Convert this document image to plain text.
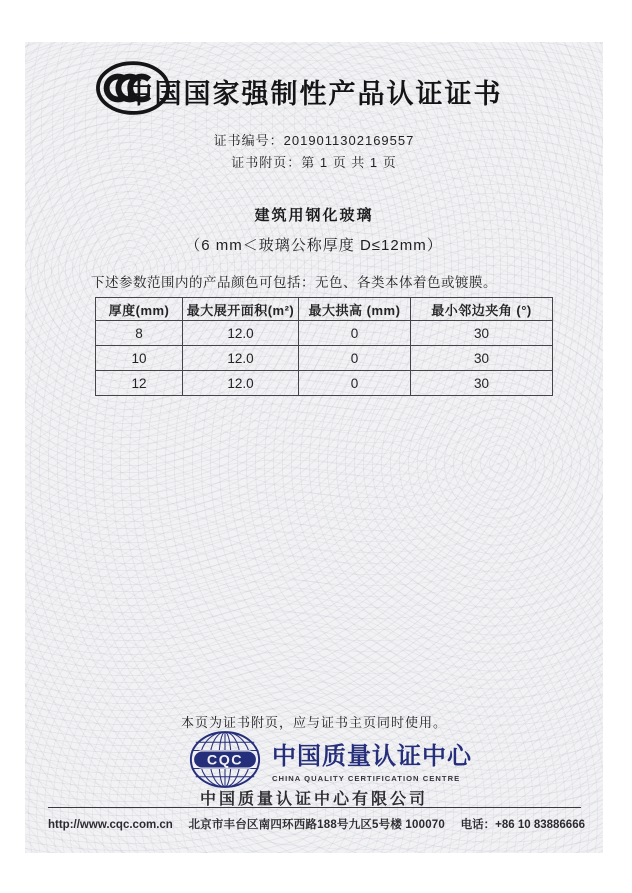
中国国家强制性产品认证证书
证书编号：2019011302169557
证书附页：第 1 页 共 1 页
建筑用钢化玻璃
（6 mm＜玻璃公称厚度 D≤12mm）
下述参数范围内的产品颜色可包括：无色、各类本体着色或镀膜。
厚度(mm)	最大展开面积(m²)	最大拱高 (mm)	最小邻边夹角 (°)
8	12.0	0	30
10	12.0	0	30
12	12.0	0	30
本页为证书附页，应与证书主页同时使用。
CQC 中国质量认证中心
CHINA QUALITY CERTIFICATION CENTRE
中国质量认证中心有限公司
http://www.cqc.com.cn 北京市丰台区南四环西路188号九区5号楼 100070 电话：+86 10 83886666
